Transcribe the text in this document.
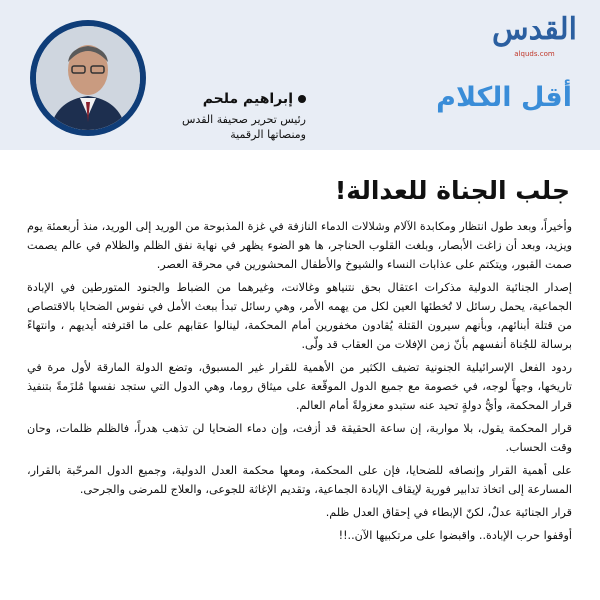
القدس
alquds.com
أقل الكلام
إبراهيم ملحم
رئيس تحرير صحيفة القدس
ومنصاتها الرقمية
جلب الجناة للعدالة!

وأخيراً، وبعد طول انتظار ومكابدة الآلام وشلالات الدماء النازفة في غزة المذبوحة من الوريد إلى الوريد، منذ أربعمئة يوم ويزيد، وبعد أن زاغت الأبصار، وبلغت القلوب الحناجر، ها هو الضوء يظهر في نهاية نفق الظلم والظلام في عالم يصمت صمت القبور، ويتكتم على عذابات النساء والشيوخ والأطفال المحشورين في محرقة العصر.

إصدار الجنائية الدولية مذكرات اعتقال بحق نتنياهو وغالانت، وغيرهما من الضباط والجنود المتورطين في الإبادة الجماعية، يحمل رسائل لا تُخطئها العين لكل من يهمه الأمر، وهي رسائل تبدأ ببعث الأمل في نفوس الضحايا بالاقتصاص من قتلة أبنائهم، وبأنهم سيرون القتلة يُقادون مخفورين أمام المحكمة، لينالوا عقابهم على ما اقترفته أيديهم ، وانتهاءً برسالة للجُناة أنفسهم بأنّ زمن الإفلات من العقاب قد ولّى.

ردود الفعل الإسرائيلية الجنونية تضيف الكثير من الأهمية للقرار غير المسبوق، وتضع الدولة المارقة لأول مرة في تاريخها، وجهاً لوجه، في خصومة مع جميع الدول الموقّعة على ميثاق روما، وهي الدول التي ستجد نفسها مُلزَمةً بتنفيذ قرار المحكمة، وأيُّ دولةٍ تحيد عنه ستبدو معزولةً أمام العالم.

قرار المحكمة يقول، بلا مواربة، إن ساعة الحقيقة قد أزفت، وإن دماء الضحايا لن تذهب هدراً، فالظلم ظلمات، وحان وقت الحساب.

على أهمية القرار وإنصافه للضحايا، فإن على المحكمة، ومعها محكمة العدل الدولية، وجميع الدول المرحّبة بالقرار، المسارعة إلى اتخاذ تدابير فورية لإيقاف الإبادة الجماعية، وتقديم الإغاثة للجوعى، والعلاج للمرضى والجرحى.

قرار الجنائية عدلٌ، لكنّ الإبطاء في إحقاق العدل ظلم.

أوقفوا حرب الإبادة.. واقبضوا على مرتكبيها الآن..!!
